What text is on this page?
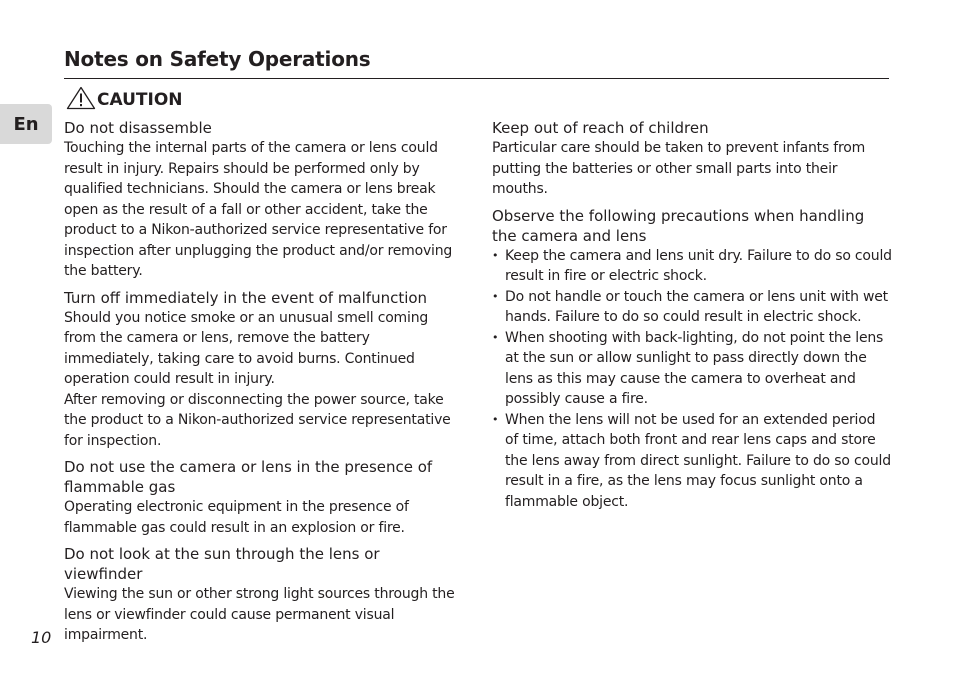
Notes on Safety Operations
En
CAUTION
Do not disassemble

Touching the internal parts of the camera or lens could result in injury. Repairs should be performed only by qualified technicians. Should the camera or lens break open as the result of a fall or other accident, take the product to a Nikon-authorized service representative for inspection after unplugging the product and/or removing the battery.

Turn off immediately in the event of malfunction

Should you notice smoke or an unusual smell coming from the camera or lens, remove the battery immediately, taking care to avoid burns. Continued operation could result in injury.

After removing or disconnecting the power source, take the product to a Nikon-authorized service representative for inspection.

Do not use the camera or lens in the presence of flammable gas

Operating electronic equipment in the presence of flammable gas could result in an explosion or fire.

Do not look at the sun through the lens or viewfinder

Viewing the sun or other strong light sources through the lens or viewfinder could cause permanent visual impairment.

Keep out of reach of children

Particular care should be taken to prevent infants from putting the batteries or other small parts into their mouths.

Observe the following precautions when handling the camera and lens
• Keep the camera and lens unit dry. Failure to do so could result in fire or electric shock.
• Do not handle or touch the camera or lens unit with wet hands. Failure to do so could result in electric shock.
• When shooting with back-lighting, do not point the lens at the sun or allow sunlight to pass directly down the lens as this may cause the camera to overheat and possibly cause a fire.
• When the lens will not be used for an extended period of time, attach both front and rear lens caps and store the lens away from direct sunlight. Failure to do so could result in a fire, as the lens may focus sunlight onto a flammable object.
10
